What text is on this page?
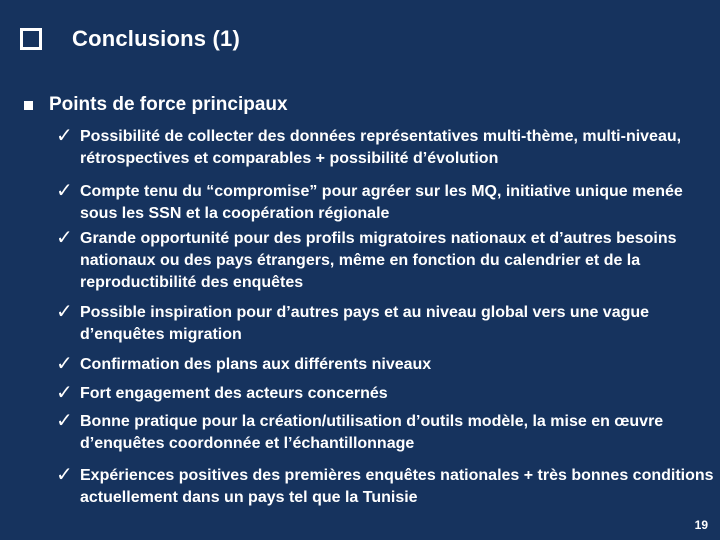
Conclusions (1)
Points de force principaux
✓ Possibilité de collecter des données représentatives multi-thème, multi-niveau, rétrospectives et comparables + possibilité d’évolution
✓ Compte tenu du “compromise” pour agréer sur les MQ, initiative unique menée sous les SSN et la coopération régionale
✓ Grande opportunité pour des profils migratoires nationaux et d’autres besoins nationaux ou des pays étrangers, même en fonction du calendrier et de la reproductibilité des enquêtes
✓ Possible inspiration pour d’autres pays et au niveau global vers une vague d’enquêtes migration
✓ Confirmation des plans aux différents niveaux
✓ Fort engagement des acteurs concernés
✓ Bonne pratique pour la création/utilisation d’outils modèle, la mise en œuvre d’enquêtes coordonnée et l’échantillonnage
✓ Expériences positives des premières enquêtes nationales + très bonnes conditions actuellement dans un pays tel que la Tunisie
19
